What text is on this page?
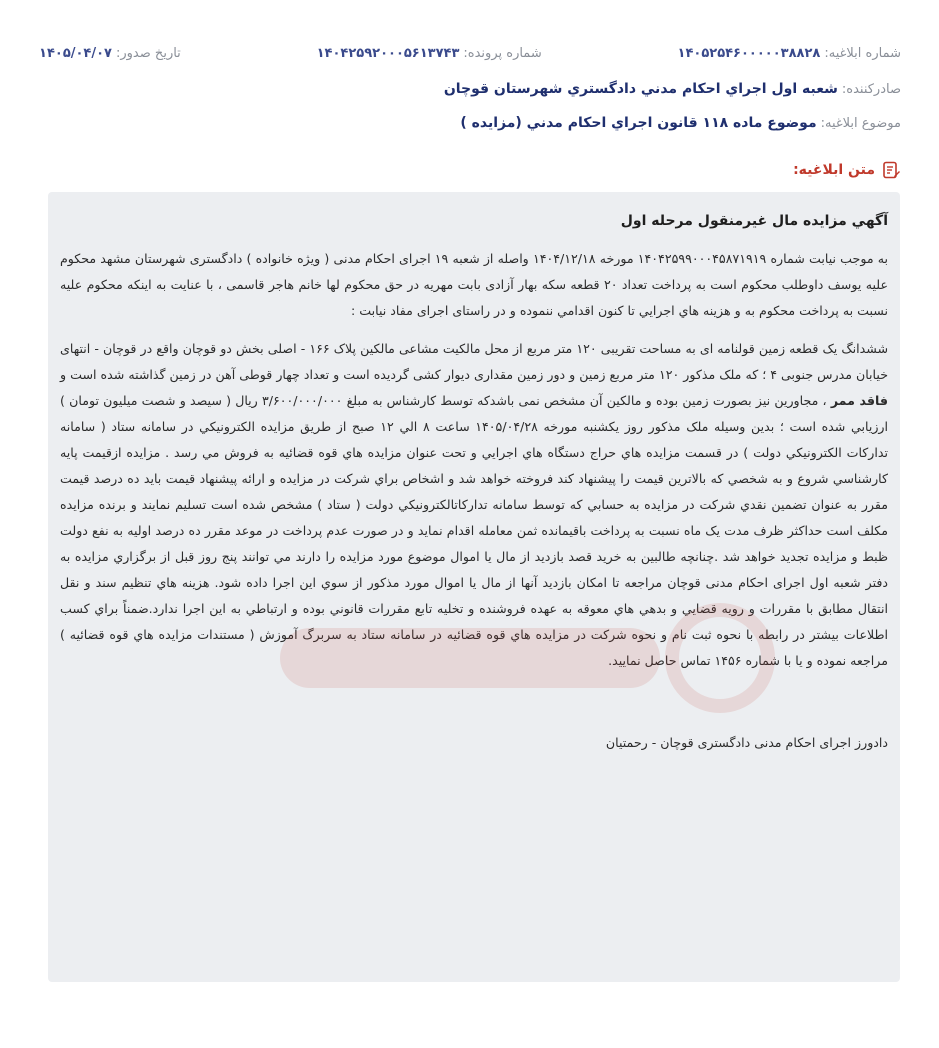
شماره ابلاغيه:
۱۴۰۵۲۵۴۶۰۰۰۰۰۳۸۸۲۸
شماره پرونده:
۱۴۰۴۲۵۹۲۰۰۰۵۶۱۳۷۴۳
تاريخ صدور:
۱۴۰۵/۰۴/۰۷
صادرکننده:
شعبه اول اجراي احکام مدني دادگستري شهرستان قوچان
موضوع ابلاغيه:
موضوع ماده ۱۱۸ قانون اجراي احکام مدني (مزايده )
متن ابلاغيه:
آگهي مزايده مال غيرمنقول مرحله اول

به موجب نيابت شماره ۱۴۰۴۲۵۹۹۰۰۰۴۵۸۷۱۹۱۹ مورخه ۱۴۰۴/۱۲/۱۸ واصله از شعبه ۱۹ اجرای احکام مدنی ( ویژه خانواده ) دادگستری شهرستان مشهد محکوم علیه یوسف داوطلب محکوم است به پرداخت تعداد ۲۰ قطعه سکه بهار آزادی بابت مهریه در حق محکوم لها خانم هاجر قاسمی ، با عنایت به اینکه محکوم علیه نسبت به پرداخت محکوم به و هزينه هاي اجرايي تا کنون اقدامي ننموده و در راستای اجرای مفاد نیابت :

ششدانگ یک قطعه زمین قولنامه ای به مساحت تقریبی ۱۲۰ متر مربع از محل مالکیت مشاعی مالکین پلاک ۱۶۶ - اصلی بخش دو قوچان واقع در قوچان - انتهای خیابان مدرس جنوبی ۴ ؛ که ملک مذکور ۱۲۰ متر مربع زمین و دور زمین مقداری دیوار کشی گردیده است و تعداد چهار قوطی آهن در زمین گذاشته شده است و فاقد ممر ، مجاورین نیز بصورت زمین بوده و مالکین آن مشخص نمی باشدکه توسط کارشناس به مبلغ ۳/۶۰۰/۰۰۰/۰۰۰ ریال ( سیصد و شصت میلیون تومان ) ارزيابي شده است ؛ بدين وسيله ملک مذکور روز یکشنبه مورخه ۱۴۰۵/۰۴/۲۸ ساعت ۸ الي ۱۲ صبح از طريق مزايده الکترونيکي در سامانه ستاد ( سامانه تدارکات الکترونيکي دولت ) در قسمت مزايده هاي حراج دستگاه هاي اجرايي و تحت عنوان مزايده هاي قوه قضائيه به فروش مي رسد . مزايده ازقيمت پايه کارشناسي شروع و به شخصي که بالاترين قيمت را پيشنهاد کند فروخته خواهد شد و اشخاص براي شرکت در مزايده و ارائه پيشنهاد قيمت بايد ده درصد قيمت مقرر به عنوان تضمين نقدي شرکت در مزايده به حسابي که توسط سامانه تدارکاتالکترونيکي دولت ( ستاد ) مشخص شده است تسليم نمايند و برنده مزايده مکلف است حداکثر ظرف مدت يک ماه نسبت به پرداخت باقيمانده ثمن معامله اقدام نمايد و در صورت عدم پرداخت در موعد مقرر ده درصد اوليه به نفع دولت ظبط و مزايده تجديد خواهد شد .چنانچه طالبين به خريد قصد بازديد از مال يا اموال موضوع مورد مزايده را دارند مي توانند پنج روز قبل از برگزاري مزايده به دفتر شعبه اول اجرای احکام مدنی قوچان مراجعه تا امکان بازديد آنها از مال يا اموال مورد مذکور از سوي اين اجرا داده شود. هزينه هاي تنظيم سند و نقل انتقال مطابق با مقررات و رويه قضايي و بدهي هاي معوقه به عهده فروشنده و تخليه تابع مقررات قانوني بوده و ارتباطي به اين اجرا ندارد.ضمناً براي کسب اطلاعات بيشتر در رابطه با نحوه ثبت نام و نحوه شرکت در مزايده هاي قوه قضائيه در سامانه ستاد به سربرگ آموزش ( مستندات مزايده هاي قوه قضائيه ) مراجعه نموده و يا با شماره ۱۴۵۶ تماس حاصل نماييد.

دادورز اجرای احکام مدنی دادگستری قوچان - رحمتيان
